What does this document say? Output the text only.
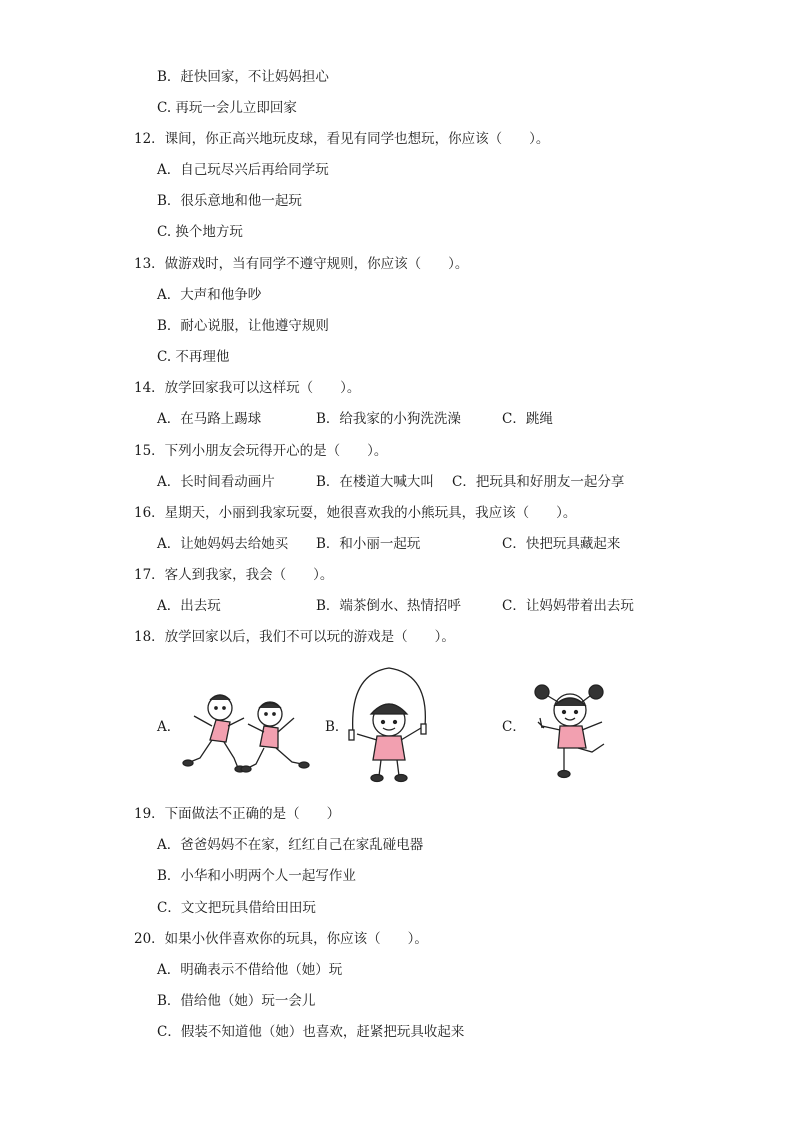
B．赶快回家，不让妈妈担心
C. 再玩一会儿立即回家
12．课间，你正高兴地玩皮球，看见有同学也想玩，你应该（　　）。
A．自己玩尽兴后再给同学玩
B．很乐意地和他一起玩
C. 换个地方玩
13．做游戏时，当有同学不遵守规则，你应该（　　）。
A．大声和他争吵
B．耐心说服，让他遵守规则
C. 不再理他
14．放学回家我可以这样玩（　　）。
A．在马路上踢球	B．给我家的小狗洗洗澡	C．跳绳
15．下列小朋友会玩得开心的是（　　）。
A．长时间看动画片	B．在楼道大喊大叫 C．把玩具和好朋友一起分享
16．星期天，小丽到我家玩耍，她很喜欢我的小熊玩具，我应该（　　）。
A．让她妈妈去给她买 B．和小丽一起玩	C．快把玩具藏起来
17．客人到我家，我会（　　）。
A．出去玩	B．端茶倒水、热情招呼	C．让妈妈带着出去玩
18．放学回家以后，我们不可以玩的游戏是（　　）。
A．	B．	C．
19．下面做法不正确的是（　　）
A．爸爸妈妈不在家，红红自己在家乱碰电器
B．小华和小明两个人一起写作业
C．文文把玩具借给田田玩
20．如果小伙伴喜欢你的玩具，你应该（　　）。
A．明确表示不借给他（她）玩
B．借给他（她）玩一会儿
C．假装不知道他（她）也喜欢，赶紧把玩具收起来
